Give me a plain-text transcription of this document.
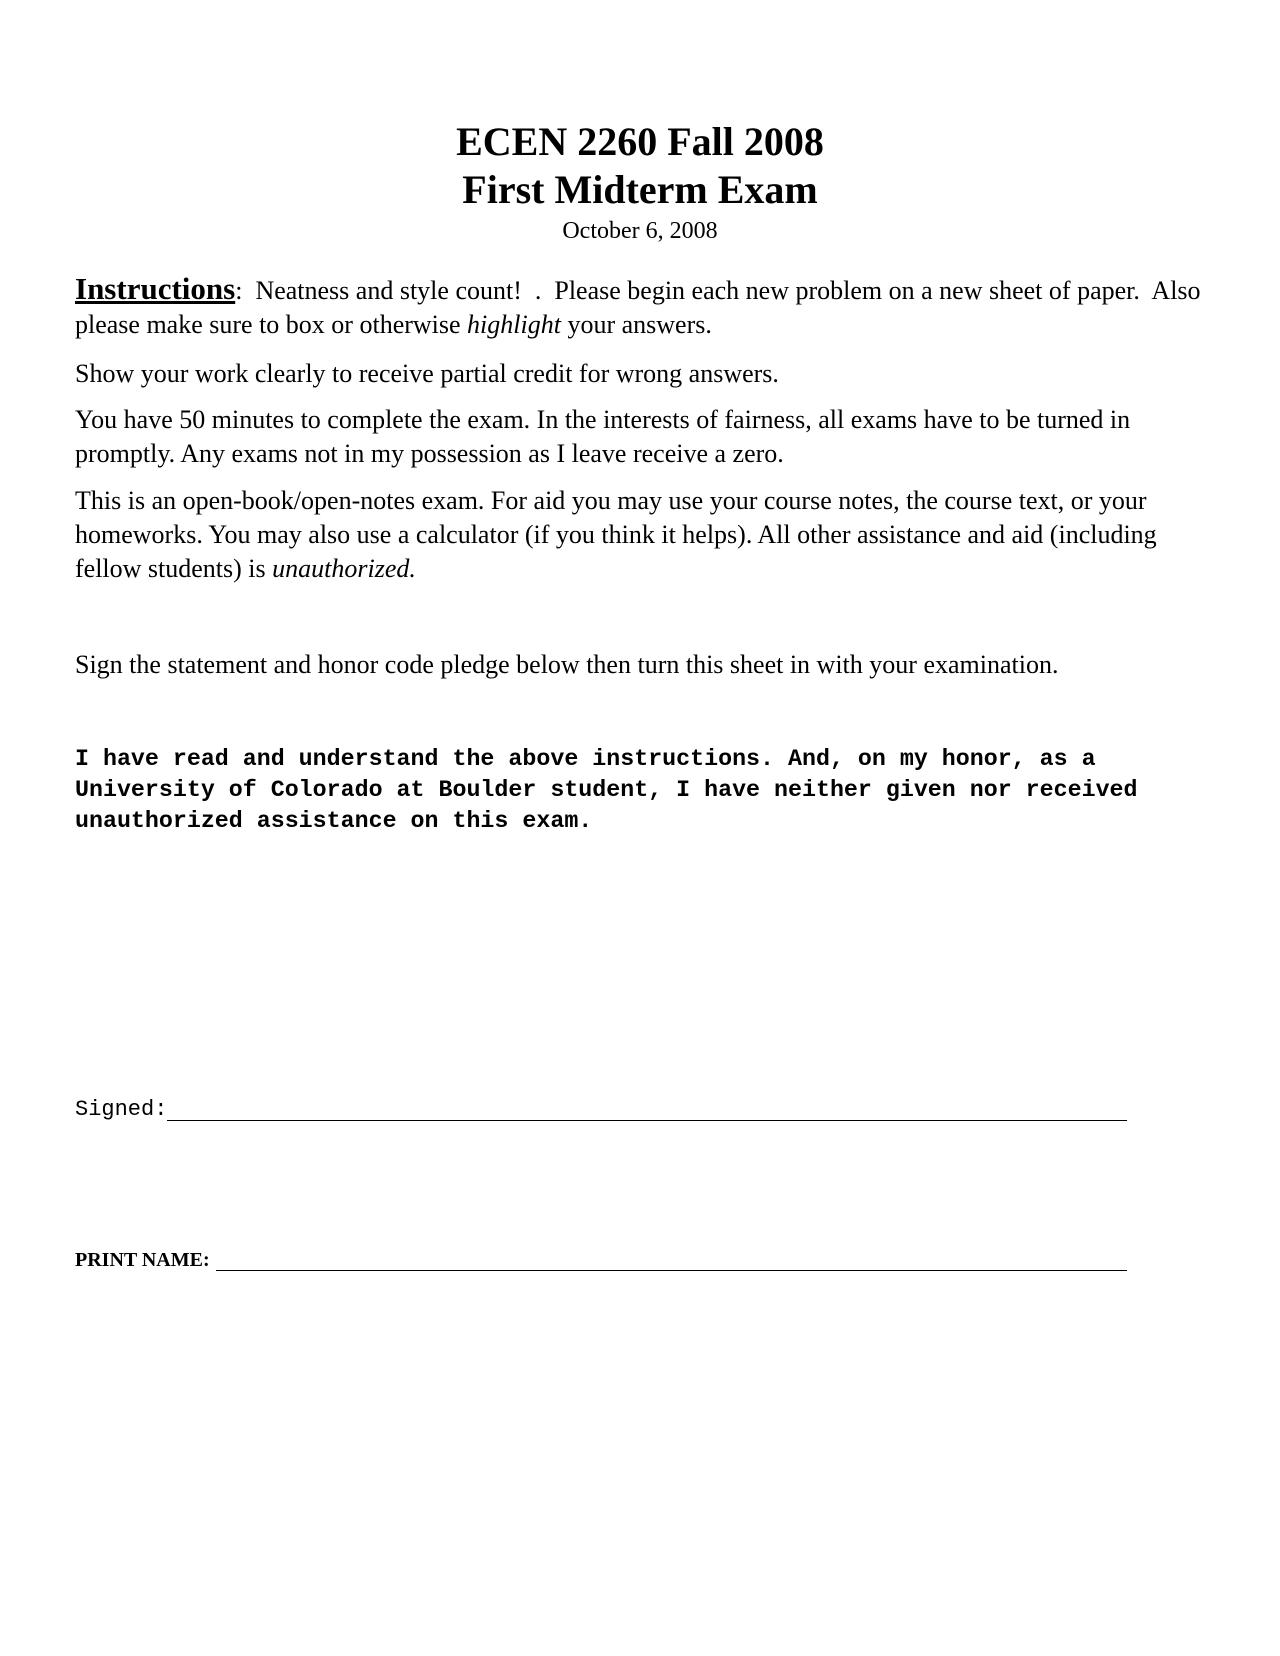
ECEN 2260 Fall 2008
First Midterm Exam
October 6, 2008
Instructions:  Neatness and style count!  .  Please begin each new problem on a new sheet of paper.  Also please make sure to box or otherwise highlight your answers.
Show your work clearly to receive partial credit for wrong answers.
You have 50 minutes to complete the exam. In the interests of fairness, all exams have to be turned in promptly. Any exams not in my possession as I leave receive a zero.
This is an open-book/open-notes exam. For aid you may use your course notes, the course text, or your homeworks. You may also use a calculator (if you think it helps). All other assistance and aid (including fellow students) is unauthorized.
Sign the statement and honor code pledge below then turn this sheet in with your examination.
I have read and understand the above instructions. And, on my honor, as a University of Colorado at Boulder student, I have neither given nor received unauthorized assistance on this exam.
Signed:
PRINT NAME:
